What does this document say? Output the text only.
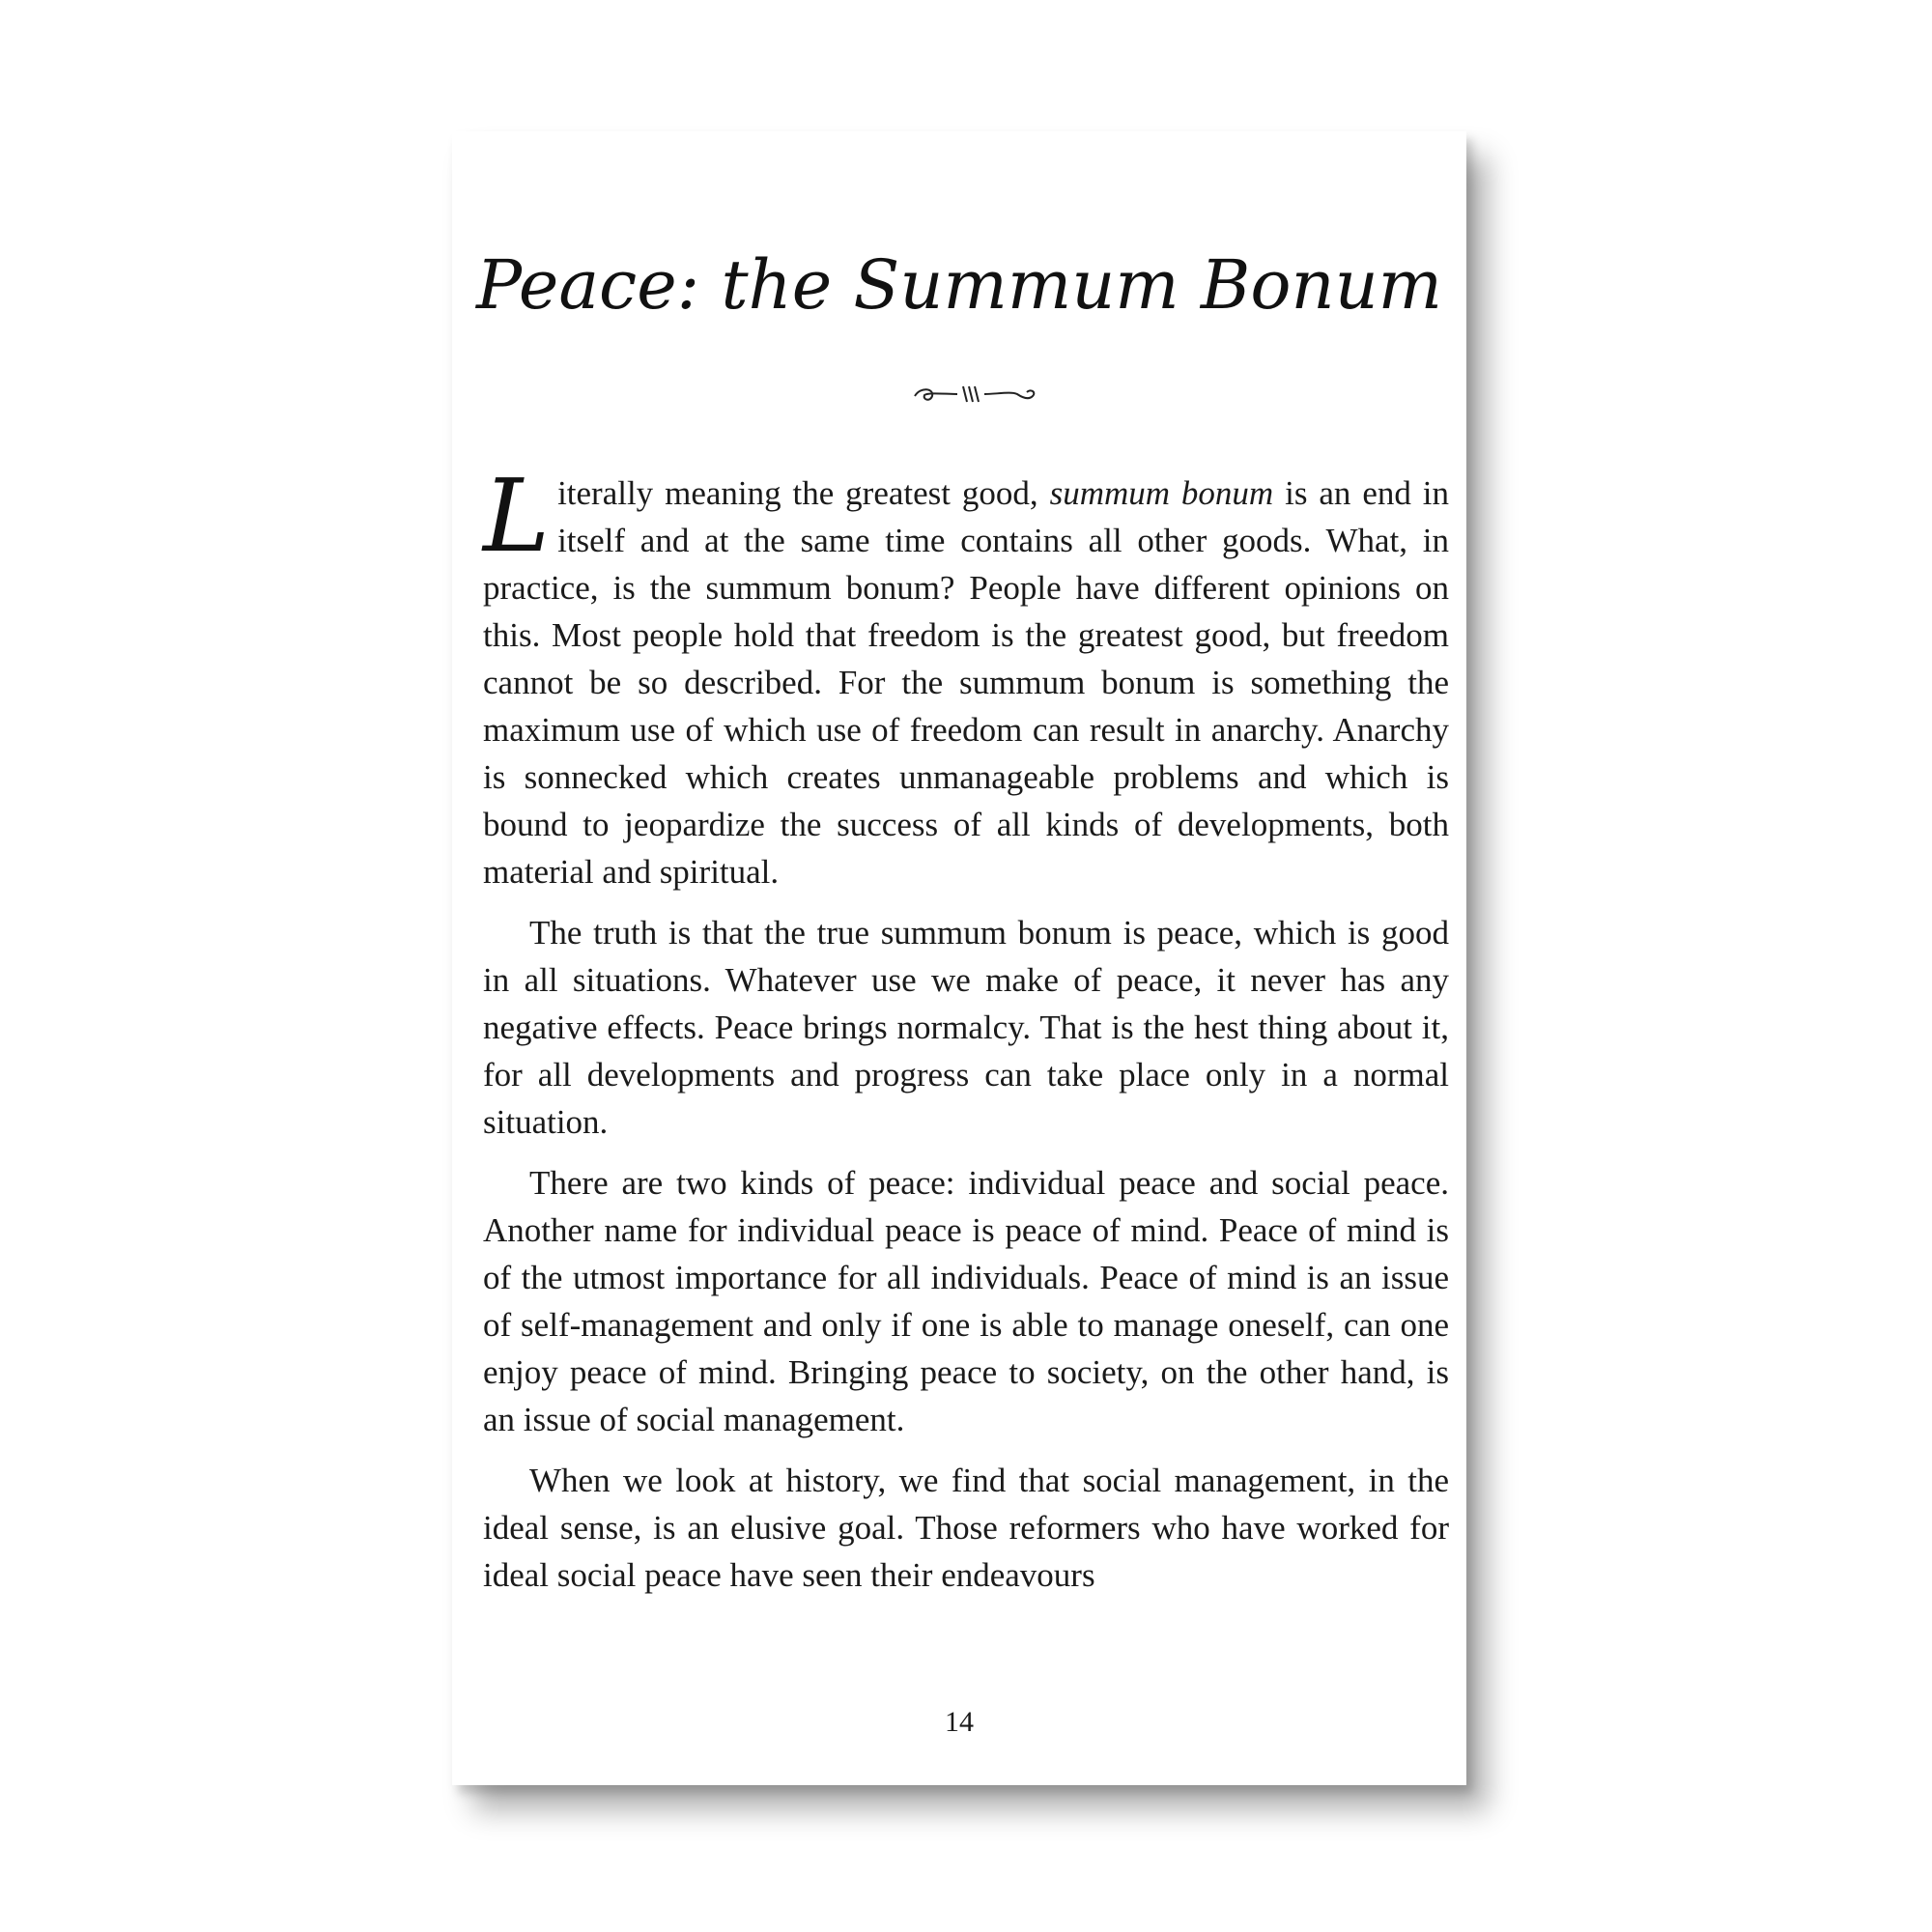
Peace: the Summum Bonum

Literally meaning the greatest good, summum bonum is an end in itself and at the same time contains all other goods. What, in practice, is the summum bonum? People have different opinions on this. Most people hold that freedom is the greatest good, but freedom cannot be so described. For the summum bonum is something the maximum use of which use of freedom can result in anarchy. Anarchy is sonnecked which creates unmanageable problems and which is bound to jeopardize the success of all kinds of developments, both material and spiritual.

The truth is that the true summum bonum is peace, which is good in all situations. Whatever use we make of peace, it never has any negative effects. Peace brings normalcy. That is the hest thing about it, for all developments and progress can take place only in a normal situation.

There are two kinds of peace: individual peace and social peace. Another name for individual peace is peace of mind. Peace of mind is of the utmost importance for all individuals. Peace of mind is an issue of self-management and only if one is able to manage oneself, can one enjoy peace of mind. Bringing peace to society, on the other hand, is an issue of social management.

When we look at history, we find that social management, in the ideal sense, is an elusive goal. Those reformers who have worked for ideal social peace have seen their endeavours

14
